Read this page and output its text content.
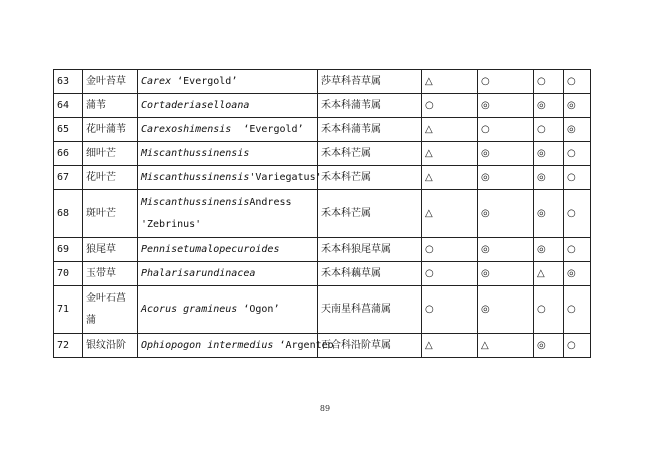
63	金叶苔草	Carex ‘Evergold’	莎草科苔草属	△	○	○	○
64	蒲苇	Cortaderiaselloana	禾本科蒲苇属	○	◎	◎	◎
65	花叶蒲苇	Carexoshimensis  ‘Evergold’	禾本科蒲苇属	△	○	○	◎
66	细叶芒	Miscanthussinensis	禾本科芒属	△	◎	◎	○
67	花叶芒	Miscanthussinensis'Variegatus'	禾本科芒属	△	◎	◎	○
68	斑叶芒	MiscanthussinensisAndress
'Zebrinus'	禾本科芒属	△	◎	◎	○
69	狼尾草	Pennisetumalopecuroides	禾本科狼尾草属	○	◎	◎	○
70	玉带草	Phalarisarundinacea	禾本科藕草属	○	◎	△	◎
71	金叶石菖蒲	Acorus gramineus ‘Ogon’	天南星科菖蒲属	○	◎	○	○
72	银纹沿阶	Ophiopogon intermedius ‘Argenteo	百合科沿阶草属	△	△	◎	○
89
